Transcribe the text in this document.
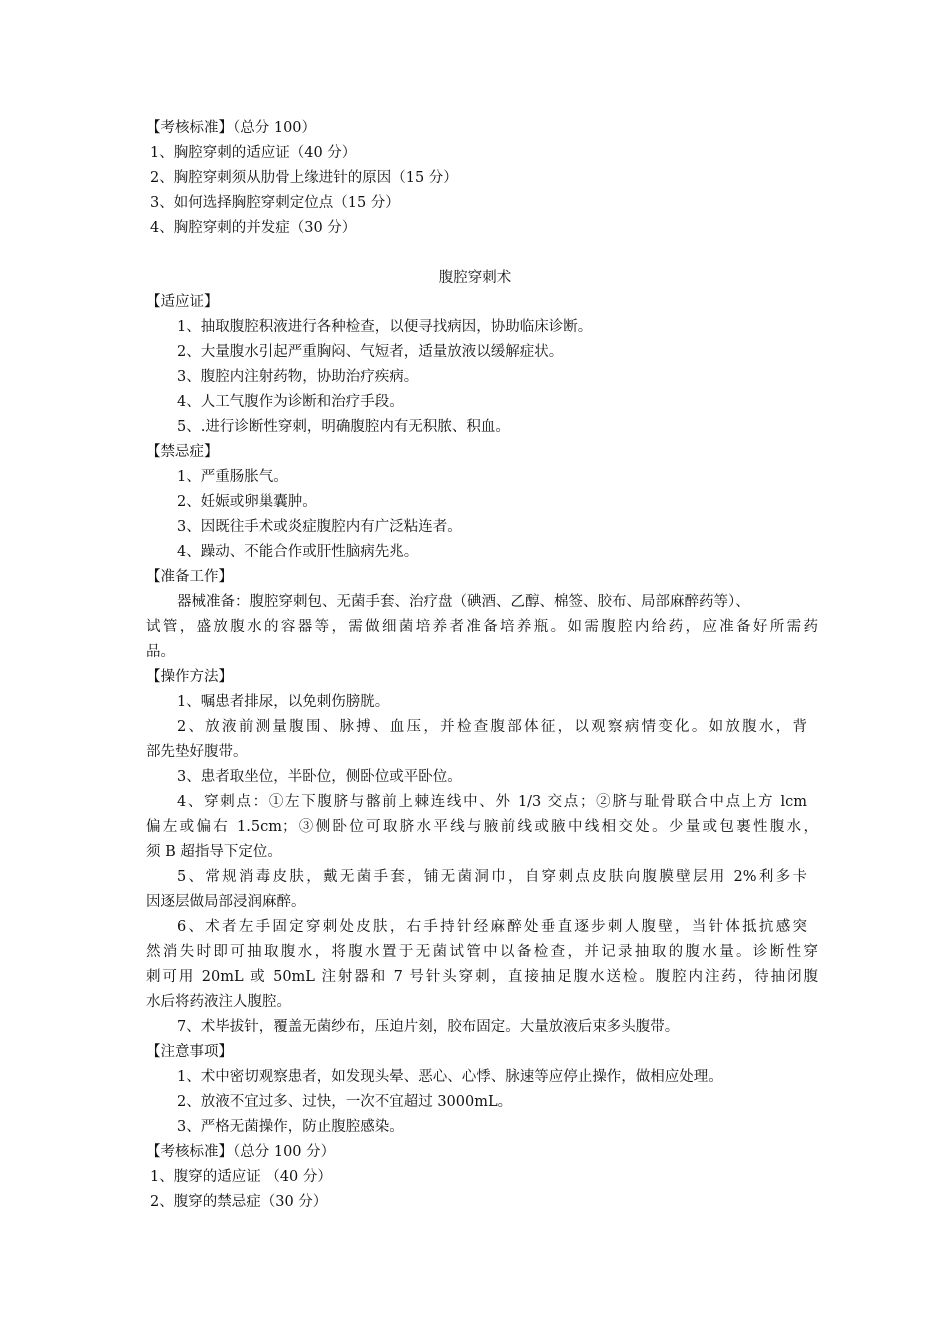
【考核标准】（总分 100）
1、胸腔穿刺的适应证（40 分）
2、胸腔穿刺须从肋骨上缘进针的原因（15 分）
3、如何选择胸腔穿刺定位点（15 分）
4、胸腔穿刺的并发症（30 分）
腹腔穿刺术
【适应证】
1、抽取腹腔积液进行各种检查，以便寻找病因，协助临床诊断。
2、大量腹水引起严重胸闷、气短者，适量放液以缓解症状。
3、腹腔内注射药物，协助治疗疾病。
4、人工气腹作为诊断和治疗手段。
5、.进行诊断性穿刺，明确腹腔内有无积脓、积血。
【禁忌症】
1、严重肠胀气。
2、妊娠或卵巢囊肿。
3、因既往手术或炎症腹腔内有广泛粘连者。
4、躁动、不能合作或肝性脑病先兆。
【准备工作】
器械准备：腹腔穿刺包、无菌手套、治疗盘（碘酒、乙醇、棉签、胶布、局部麻醉药等）、
试管，盛放腹水的容器等，需做细菌培养者准备培养瓶。如需腹腔内给药，应准备好所需药
品。
【操作方法】
1、嘱患者排尿，以免刺伤膀胱。
2、放液前测量腹围、脉搏、血压，并检查腹部体征，以观察病情变化。如放腹水，背
部先垫好腹带。
3、患者取坐位，半卧位，侧卧位或平卧位。
4、穿刺点：①左下腹脐与髂前上棘连线中、外 1/3 交点；②脐与耻骨联合中点上方 lcm
偏左或偏右 1.5cm；③侧卧位可取脐水平线与腋前线或腋中线相交处。少量或包裹性腹水，
须 B 超指导下定位。
5、常规消毒皮肤，戴无菌手套，铺无菌洞巾，自穿刺点皮肤向腹膜壁层用 2%利多卡
因逐层做局部浸润麻醉。
6、术者左手固定穿刺处皮肤，右手持针经麻醉处垂直逐步刺人腹壁，当针体抵抗感突
然消失时即可抽取腹水，将腹水置于无菌试管中以备检查，并记录抽取的腹水量。诊断性穿
刺可用 20mL 或 50mL 注射器和 7 号针头穿刺，直接抽足腹水送检。腹腔内注药，待抽闭腹
水后将药液注人腹腔。
7、术毕拔针，覆盖无菌纱布，压迫片刻，胶布固定。大量放液后束多头腹带。
【注意事项】
1、术中密切观察患者，如发现头晕、恶心、心悸、脉速等应停止操作，做相应处理。
2、放液不宜过多、过快，一次不宜超过 3000mL。
3、严格无菌操作，防止腹腔感染。
【考核标准】（总分 100 分）
1、腹穿的适应证 （40 分）
2、腹穿的禁忌症（30 分）
